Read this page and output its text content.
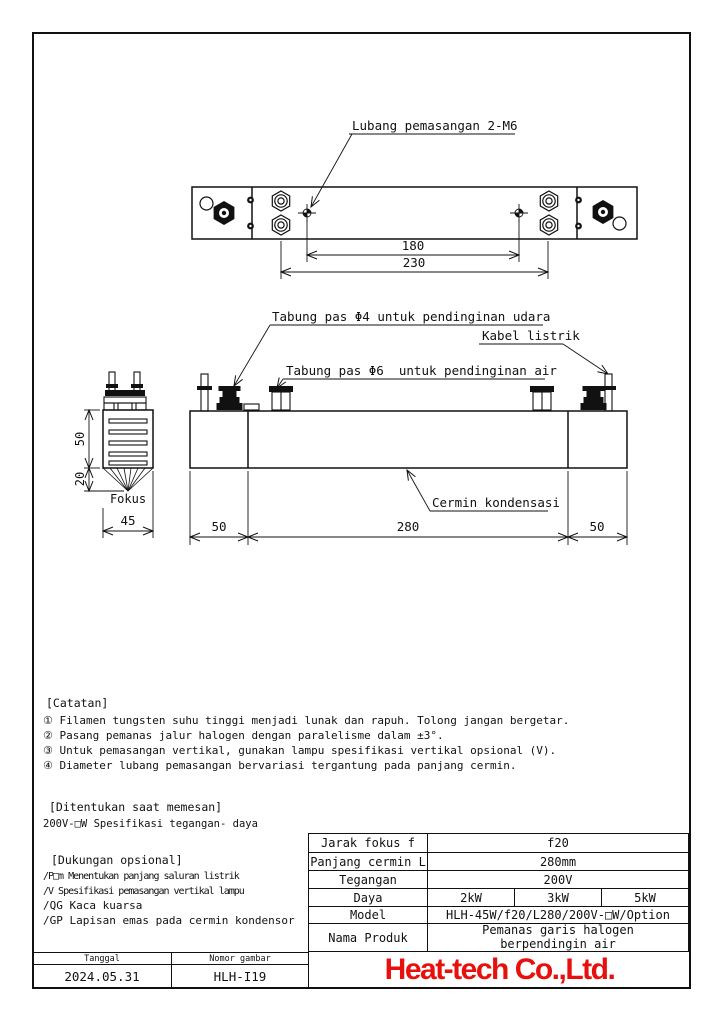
[Catatan]
① Filamen tungsten suhu tinggi menjadi lunak dan rapuh. Tolong jangan bergetar.
② Pasang pemanas jalur halogen dengan paralelisme dalam ±3°.
③ Untuk pemasangan vertikal, gunakan lampu spesifikasi vertikal opsional (V).
④ Diameter lubang pemasangan bervariasi tergantung pada panjang cermin.
[Ditentukan saat memesan]
200V-□W Spesifikasi tegangan- daya
[Dukungan opsional]
/P□m Menentukan panjang saluran listrik
/V Spesifikasi pemasangan vertikal lampu
/QG Kaca kuarsa
/GP Lapisan emas pada cermin kondensor
Jarak fokus f	f20
Panjang cermin L	280mm
Tegangan	200V
Daya	2kW	3kW	5kW
Model	HLH-45W/f20/L280/200V-□W/Option
Nama Produk
Pemanas garis halogen
berpendingin air
Tanggal	Nomor gambar
2024.05.31	HLH-I19	Heat-tech Co.,Ltd.
Lubang pemasangan 2-M6
180
230
Tabung pas Φ4 untuk pendinginan udara
Kabel listrik
Tabung pas Φ6  untuk pendinginan air
Cermin kondensasi
50	280	50
Fokus
45
50
20
